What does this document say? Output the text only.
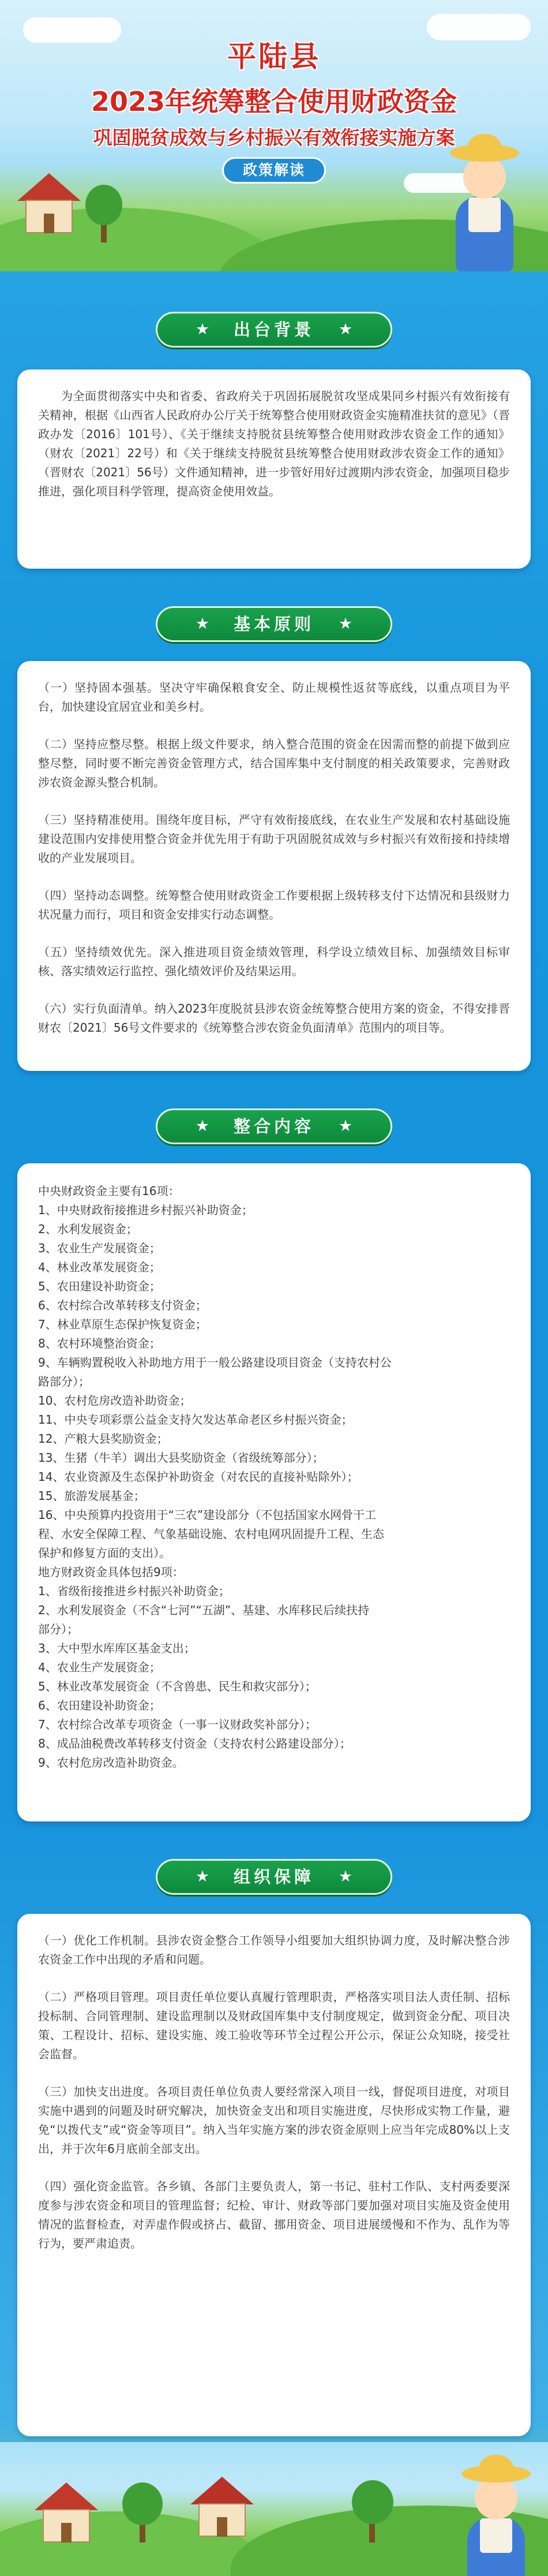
平陆县
2023年统筹整合使用财政资金
巩固脱贫成效与乡村振兴有效衔接实施方案
政策解读
★	出台背景	★

为全面贯彻落实中央和省委、省政府关于巩固拓展脱贫攻坚成果同乡村振兴有效衔接有关精神，根据《山西省人民政府办公厅关于统筹整合使用财政资金实施精准扶贫的意见》（晋政办发〔2016〕101号）、《关于继续支持脱贫县统筹整合使用财政涉农资金工作的通知》（财农〔2021〕22号）和《关于继续支持脱贫县统筹整合使用财政涉农资金工作的通知》（晋财农〔2021〕56号）文件通知精神，进一步管好用好过渡期内涉农资金，加强项目稳步推进，强化项目科学管理，提高资金使用效益。

★	基本原则	★

（一）坚持固本强基。坚决守牢确保粮食安全、防止规模性返贫等底线，以重点项目为平台，加快建设宜居宜业和美乡村。

（二）坚持应整尽整。根据上级文件要求，纳入整合范围的资金在因需而整的前提下做到应整尽整，同时要不断完善资金管理方式，结合国库集中支付制度的相关政策要求，完善财政涉农资金源头整合机制。

（三）坚持精准使用。围绕年度目标，严守有效衔接底线，在农业生产发展和农村基础设施建设范围内安排使用整合资金并优先用于有助于巩固脱贫成效与乡村振兴有效衔接和持续增收的产业发展项目。

（四）坚持动态调整。统筹整合使用财政资金工作要根据上级转移支付下达情况和县级财力状况量力而行，项目和资金安排实行动态调整。

（五）坚持绩效优先。深入推进项目资金绩效管理，科学设立绩效目标、加强绩效目标审核、落实绩效运行监控、强化绩效评价及结果运用。

（六）实行负面清单。纳入2023年度脱贫县涉农资金统筹整合使用方案的资金，不得安排晋财农〔2021〕56号文件要求的《统筹整合涉农资金负面清单》范围内的项目等。

★	整合内容	★
中央财政资金主要有16项：
1、中央财政衔接推进乡村振兴补助资金；
2、水利发展资金；
3、农业生产发展资金；
4、林业改革发展资金；
5、农田建设补助资金；
6、农村综合改革转移支付资金；
7、林业草原生态保护恢复资金；
8、农村环境整治资金；
9、车辆购置税收入补助地方用于一般公路建设项目资金（支持农村公
路部分）；
10、农村危房改造补助资金；
11、中央专项彩票公益金支持欠发达革命老区乡村振兴资金；
12、产粮大县奖励资金；
13、生猪（牛羊）调出大县奖励资金（省级统筹部分）；
14、农业资源及生态保护补助资金（对农民的直接补贴除外）；
15、旅游发展基金；
16、中央预算内投资用于“三农”建设部分（不包括国家水网骨干工
程、水安全保障工程、气象基础设施、农村电网巩固提升工程、生态
保护和修复方面的支出）。
地方财政资金具体包括9项：
1、省级衔接推进乡村振兴补助资金；
2、水利发展资金（不含“七河”“五湖”、基建、水库移民后续扶持
部分）；
3、大中型水库库区基金支出；
4、农业生产发展资金；
5、林业改革发展资金（不含兽患、民生和救灾部分）；
6、农田建设补助资金；
7、农村综合改革专项资金（一事一议财政奖补部分）；
8、成品油税费改革转移支付资金（支持农村公路建设部分）；
9、农村危房改造补助资金。
★	组织保障	★

（一）优化工作机制。县涉农资金整合工作领导小组要加大组织协调力度，及时解决整合涉农资金工作中出现的矛盾和问题。

（二）严格项目管理。项目责任单位要认真履行管理职责，严格落实项目法人责任制、招标投标制、合同管理制、建设监理制以及财政国库集中支付制度规定，做到资金分配、项目决策、工程设计、招标、建设实施、竣工验收等环节全过程公开公示，保证公众知晓，接受社会监督。

（三）加快支出进度。各项目责任单位负责人要经常深入项目一线，督促项目进度，对项目实施中遇到的问题及时研究解决，加快资金支出和项目实施进度，尽快形成实物工作量，避免“以拨代支”或“资金等项目”。纳入当年实施方案的涉农资金原则上应当年完成80%以上支出，并于次年6月底前全部支出。

（四）强化资金监管。各乡镇、各部门主要负责人，第一书记、驻村工作队、支村两委要深度参与涉农资金和项目的管理监督；纪检、审计、财政等部门要加强对项目实施及资金使用情况的监督检查，对弄虚作假或挤占、截留、挪用资金、项目进展缓慢和不作为、乱作为等行为，要严肃追责。
